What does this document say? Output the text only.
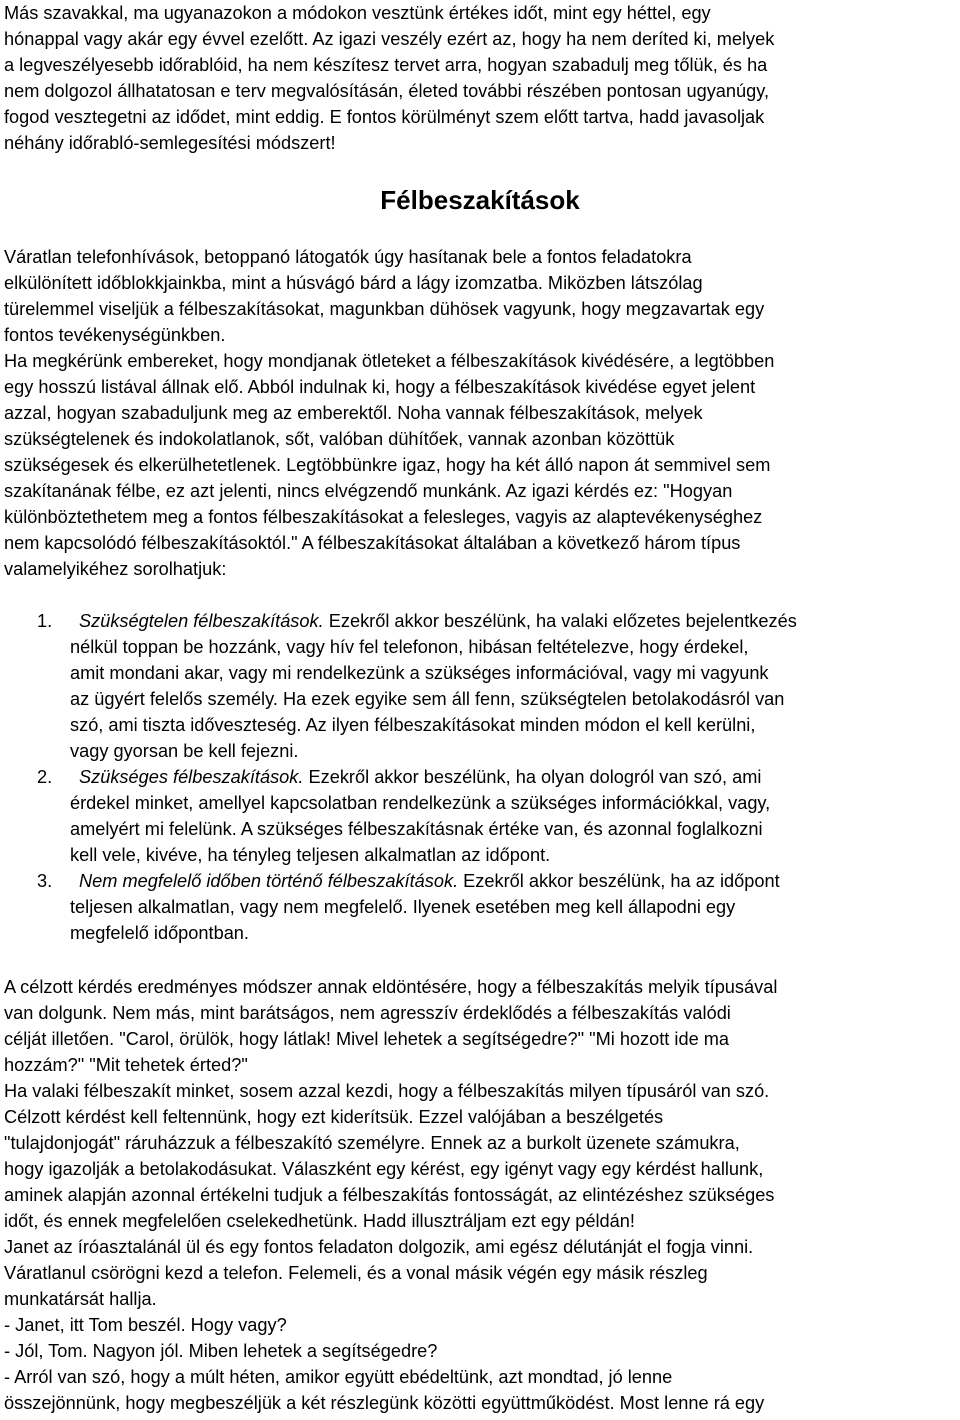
Más szavakkal, ma ugyanazokon a módokon vesztünk értékes időt, mint egy héttel, egy
hónappal vagy akár egy évvel ezelőtt. Az igazi veszély ezért az, hogy ha nem deríted ki, melyek
a legveszélyesebb időrablóid, ha nem készítesz tervet arra, hogyan szabadulj meg tőlük, és ha
nem dolgozol állhatatosan e terv megvalósításán, életed további részében pontosan ugyanúgy,
fogod vesztegetni az idődet, mint eddig. E fontos körülményt szem előtt tartva, hadd javasoljak
néhány időrabló-semlegesítési módszert!
Félbeszakítások
Váratlan telefonhívások, betoppanó látogatók úgy hasítanak bele a fontos feladatokra
elkülönített időblokkjainkba, mint a húsvágó bárd a lágy izomzatba. Miközben látszólag
türelemmel viseljük a félbeszakításokat, magunkban dühösek vagyunk, hogy megzavartak egy
fontos tevékenységünkben.
Ha megkérünk embereket, hogy mondjanak ötleteket a félbeszakítások kivédésére, a legtöbben
egy hosszú listával állnak elő. Abból indulnak ki, hogy a félbeszakítások kivédése egyet jelent
azzal, hogyan szabaduljunk meg az emberektől. Noha vannak félbeszakítások, melyek
szükségtelenek és indokolatlanok, sőt, valóban dühítőek, vannak azonban közöttük
szükségesek és elkerülhetetlenek. Legtöbbünkre igaz, hogy ha két álló napon át semmivel sem
szakítanának félbe, ez azt jelenti, nincs elvégzendő munkánk. Az igazi kérdés ez: "Hogyan
különböztethetem meg a fontos félbeszakításokat a felesleges, vagyis az alaptevékenységhez
nem kapcsolódó félbeszakításoktól." A félbeszakításokat általában a következő három típus
valamelyikéhez sorolhatjuk:
1.	Szükségtelen félbeszakítások. Ezekről akkor beszélünk, ha valaki előzetes bejelentkezés
nélkül toppan be hozzánk, vagy hív fel telefonon, hibásan feltételezve, hogy érdekel,
amit mondani akar, vagy mi rendelkezünk a szükséges információval, vagy mi vagyunk
az ügyért felelős személy. Ha ezek egyike sem áll fenn, szükségtelen betolakodásról van
szó, ami tiszta időveszteség. Az ilyen félbeszakításokat minden módon el kell kerülni,
vagy gyorsan be kell fejezni.
2.	Szükséges félbeszakítások. Ezekről akkor beszélünk, ha olyan dologról van szó, ami
érdekel minket, amellyel kapcsolatban rendelkezünk a szükséges információkkal, vagy,
amelyért mi felelünk. A szükséges félbeszakításnak értéke van, és azonnal foglalkozni
kell vele, kivéve, ha tényleg teljesen alkalmatlan az időpont.
3.	Nem megfelelő időben történő félbeszakítások. Ezekről akkor beszélünk, ha az időpont
teljesen alkalmatlan, vagy nem megfelelő. Ilyenek esetében meg kell állapodni egy
megfelelő időpontban.
A célzott kérdés eredményes módszer annak eldöntésére, hogy a félbeszakítás melyik típusával
van dolgunk. Nem más, mint barátságos, nem agresszív érdeklődés a félbeszakítás valódi
célját illetően. "Carol, örülök, hogy látlak! Mivel lehetek a segítségedre?" "Mi hozott ide ma
hozzám?" "Mit tehetek érted?"
Ha valaki félbeszakít minket, sosem azzal kezdi, hogy a félbeszakítás milyen típusáról van szó.
Célzott kérdést kell feltennünk, hogy ezt kiderítsük. Ezzel valójában a beszélgetés
"tulajdonjogát" ráruházzuk a félbeszakító személyre. Ennek az a burkolt üzenete számukra,
hogy igazolják a betolakodásukat. Válaszként egy kérést, egy igényt vagy egy kérdést hallunk,
aminek alapján azonnal értékelni tudjuk a félbeszakítás fontosságát, az elintézéshez szükséges
időt, és ennek megfelelően cselekedhetünk. Hadd illusztráljam ezt egy példán!
Janet az íróasztalánál ül és egy fontos feladaton dolgozik, ami egész délutánját el fogja vinni.
Váratlanul csörögni kezd a telefon. Felemeli, és a vonal másik végén egy másik részleg
munkatársát hallja.
- Janet, itt Tom beszél. Hogy vagy?
- Jól, Tom. Nagyon jól. Miben lehetek a segítségedre?
- Arról van szó, hogy a múlt héten, amikor együtt ebédeltünk, azt mondtad, jó lenne
összejönnünk, hogy megbeszéljük a két részlegünk közötti együttműködést. Most lenne rá egy
